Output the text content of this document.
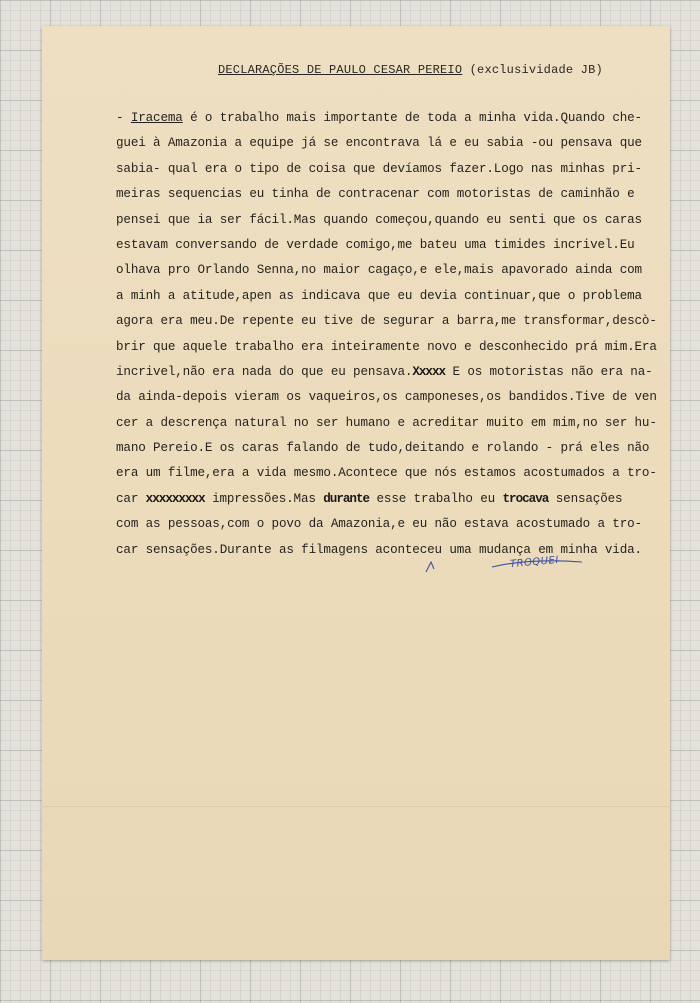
DECLARAÇÕES DE PAULO CESAR PEREIO (exclusividade JB)
- Iracema é o trabalho mais importante de toda a minha vida.Quando che-
guei à Amazonia a equipe já se encontrava lá e eu sabia -ou pensava que
sabia- qual era o tipo de coisa que devíamos fazer.Logo nas minhas pri-
meiras sequencias eu tinha de contracenar com motoristas de caminhão e
pensei que ia ser fácil.Mas quando começou,quando eu senti que os caras
estavam conversando de verdade comigo,me bateu uma timides incrivel.Eu
olhava pro Orlando Senna,no maior cagaço,e ele,mais apavorado ainda com
a minh a atitude,apen as indicava que eu devia continuar,que o problema
agora era meu.De repente eu tive de segurar a barra,me transformar,descò-
brir que aquele trabalho era inteiramente novo e desconhecido prá mim.Era
incrivel,não era nada do que eu pensava.Xxxxx E os motoristas não era na-
da ainda-depois vieram os vaqueiros,os camponeses,os bandidos.Tive de ven
cer a descrença natural no ser humano e acreditar muito em mim,no ser hu-
mano Pereio.E os caras falando de tudo,deitando e rolando - prá eles não
era um filme,era a vida mesmo.Acontece que nós estamos acostumados a tro-
car xxxxxxxxx impressões.Mas durante esse trabalho eu trocava sensações
com as pessoas,com o povo da Amazonia,e eu não estava acostumado a tro-
car sensações.Durante as filmagens aconteceu uma mudança em minha vida.
TROQUEI
